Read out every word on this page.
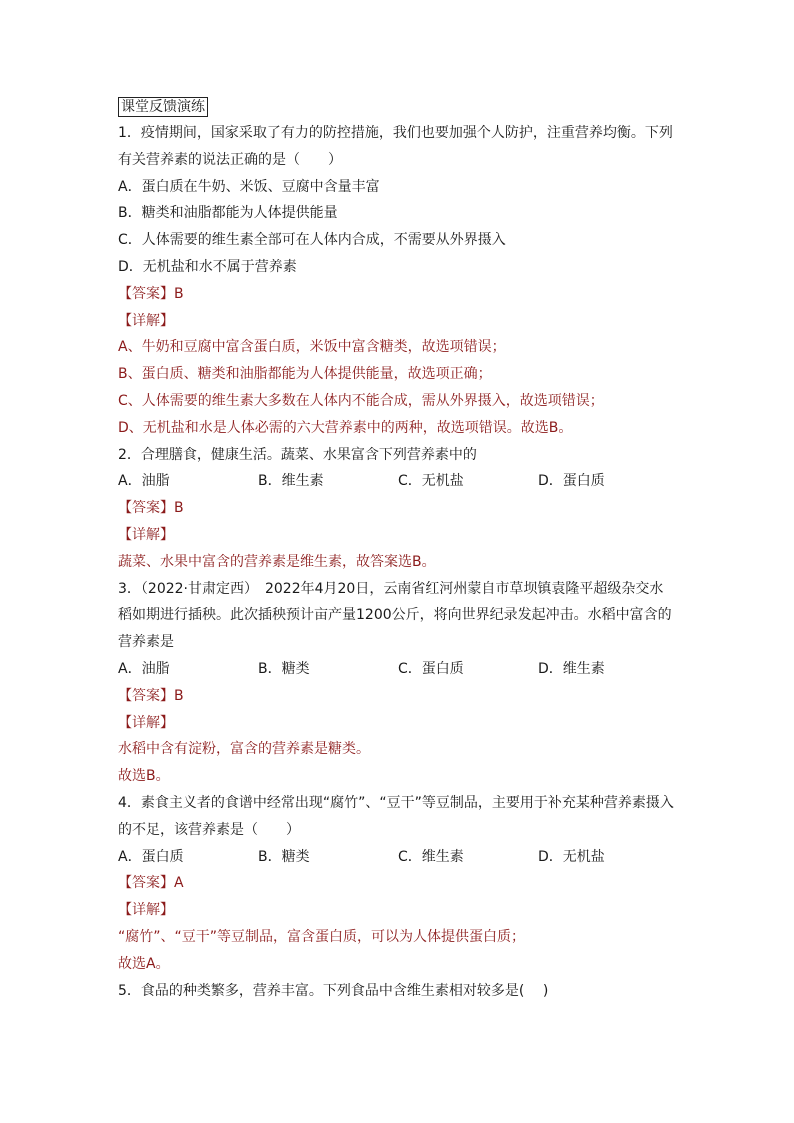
课堂反馈演练
1．疫情期间，国家采取了有力的防控措施，我们也要加强个人防护，注重营养均衡。下列
有关营养素的说法正确的是（　　）
A．蛋白质在牛奶、米饭、豆腐中含量丰富
B．糖类和油脂都能为人体提供能量
C．人体需要的维生素全部可在人体内合成，不需要从外界摄入
D．无机盐和水不属于营养素
【答案】B
【详解】
A、牛奶和豆腐中富含蛋白质，米饭中富含糖类，故选项错误；
B、蛋白质、糖类和油脂都能为人体提供能量，故选项正确；
C、人体需要的维生素大多数在人体内不能合成，需从外界摄入，故选项错误；
D、无机盐和水是人体必需的六大营养素中的两种，故选项错误。故选B。
2．合理膳食，健康生活。蔬菜、水果富含下列营养素中的
A．油脂	B．维生素	C．无机盐	D．蛋白质
【答案】B
【详解】
蔬菜、水果中富含的营养素是维生素，故答案选B。
3．（2022·甘肃定西）　2022年4月20日，云南省红河州蒙自市草坝镇袁隆平超级杂交水
稻如期进行插秧。此次插秧预计亩产量1200公斤，将向世界纪录发起冲击。水稻中富含的
营养素是
A．油脂	B．糖类	C．蛋白质	D．维生素
【答案】B
【详解】
水稻中含有淀粉，富含的营养素是糖类。
故选B。
4．素食主义者的食谱中经常出现“腐竹”、“豆干”等豆制品，主要用于补充某种营养素摄入
的不足，该营养素是（　　）
A．蛋白质	B．糖类	C．维生素	D．无机盐
【答案】A
【详解】
“腐竹”、“豆干”等豆制品，富含蛋白质，可以为人体提供蛋白质；
故选A。
5．食品的种类繁多，营养丰富。下列食品中含维生素相对较多是(　 )
